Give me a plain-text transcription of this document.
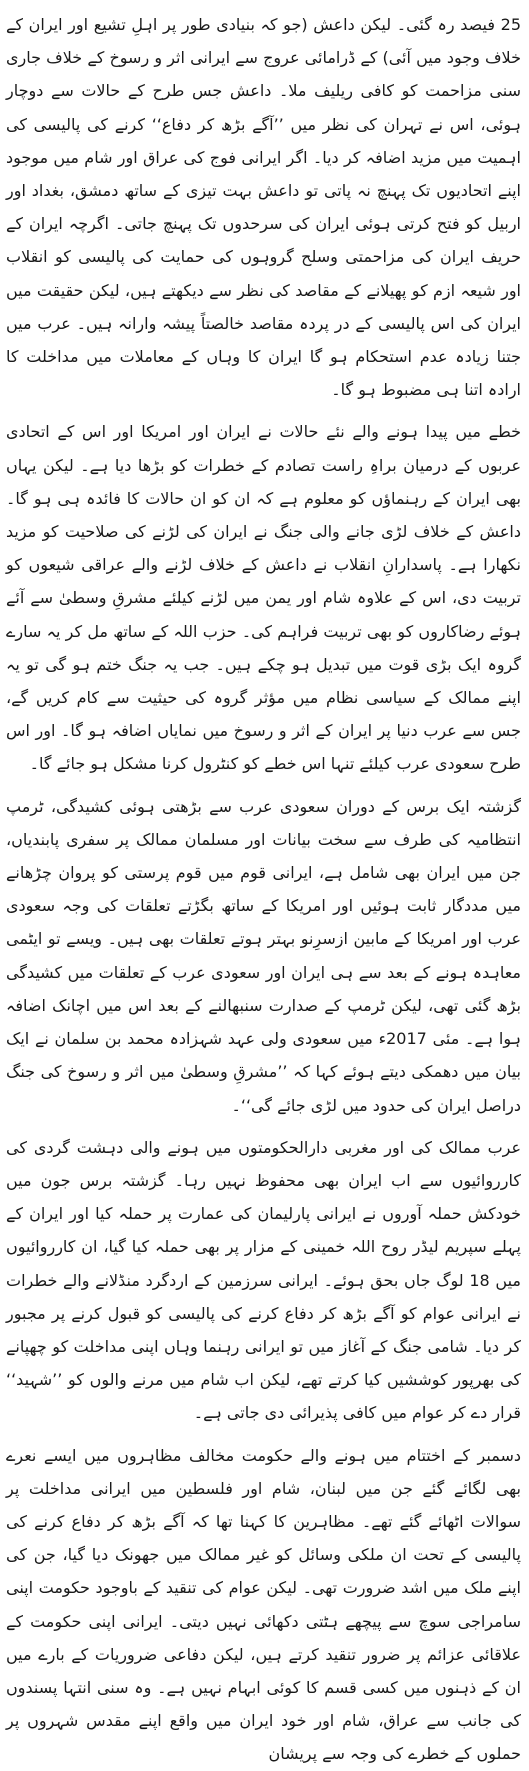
25 فیصد رہ گئی۔ لیکن داعش (جو کہ بنیادی طور پر اہلِ تشیع اور ایران کے خلاف وجود میں آئی) کے ڈرامائی عروج سے ایرانی اثر و رسوخ کے خلاف جاری سنی مزاحمت کو کافی ریلیف ملا۔ داعش جس طرح کے حالات سے دوچار ہوئی، اس نے تہران کی نظر میں ’’آگے بڑھ کر دفاع‘‘ کرنے کی پالیسی کی اہمیت میں مزید اضافہ کر دیا۔ اگر ایرانی فوج کی عراق اور شام میں موجود اپنے اتحادیوں تک پہنچ نہ پاتی تو داعش بہت تیزی کے ساتھ دمشق، بغداد اور اربیل کو فتح کرتی ہوئی ایران کی سرحدوں تک پہنچ جاتی۔ اگرچہ ایران کے حریف ایران کی مزاحمتی وسلح گروہوں کی حمایت کی پالیسی کو انقلاب اور شیعہ ازم کو پھیلانے کے مقاصد کی نظر سے دیکھتے ہیں، لیکن حقیقت میں ایران کی اس پالیسی کے در پردہ مقاصد خالصتاً پیشہ وارانہ ہیں۔ عرب میں جتنا زیادہ عدم استحکام ہو گا ایران کا وہاں کے معاملات میں مداخلت کا ارادہ اتنا ہی مضبوط ہو گا۔

خطے میں پیدا ہونے والے نئے حالات نے ایران اور امریکا اور اس کے اتحادی عربوں کے درمیان براہِ راست تصادم کے خطرات کو بڑھا دیا ہے۔ لیکن یہاں بھی ایران کے رہنماؤں کو معلوم ہے کہ ان کو ان حالات کا فائدہ ہی ہو گا۔ داعش کے خلاف لڑی جانے والی جنگ نے ایران کی لڑنے کی صلاحیت کو مزید نکھارا ہے۔ پاسدارانِ انقلاب نے داعش کے خلاف لڑنے والے عراقی شیعوں کو تربیت دی، اس کے علاوہ شام اور یمن میں لڑنے کیلئے مشرقِ وسطیٰ سے آئے ہوئے رضاکاروں کو بھی تربیت فراہم کی۔ حزب اللہ کے ساتھ مل کر یہ سارے گروہ ایک بڑی قوت میں تبدیل ہو چکے ہیں۔ جب یہ جنگ ختم ہو گی تو یہ اپنے ممالک کے سیاسی نظام میں مؤثر گروہ کی حیثیت سے کام کریں گے، جس سے عرب دنیا پر ایران کے اثر و رسوخ میں نمایاں اضافہ ہو گا۔ اور اس طرح سعودی عرب کیلئے تنہا اس خطے کو کنٹرول کرنا مشکل ہو جائے گا۔

گزشتہ ایک برس کے دوران سعودی عرب سے بڑھتی ہوئی کشیدگی، ٹرمپ انتظامیہ کی طرف سے سخت بیانات اور مسلمان ممالک پر سفری پابندیاں، جن میں ایران بھی شامل ہے، ایرانی قوم میں قوم پرستی کو پروان چڑھانے میں مددگار ثابت ہوئیں اور امریکا کے ساتھ بگڑتے تعلقات کی وجہ سعودی عرب اور امریکا کے مابین ازسرِنو بہتر ہوتے تعلقات بھی ہیں۔ ویسے تو ایٹمی معاہدہ ہونے کے بعد سے ہی ایران اور سعودی عرب کے تعلقات میں کشیدگی بڑھ گئی تھی، لیکن ٹرمپ کے صدارت سنبھالنے کے بعد اس میں اچانک اضافہ ہوا ہے۔ مئی 2017ء میں سعودی ولی عہد شہزادہ محمد بن سلمان نے ایک بیان میں دھمکی دیتے ہوئے کہا کہ ’’مشرقِ وسطیٰ میں اثر و رسوخ کی جنگ دراصل ایران کی حدود میں لڑی جائے گی‘‘۔

عرب ممالک کی اور مغربی دارالحکومتوں میں ہونے والی دہشت گردی کی کارروائیوں سے اب ایران بھی محفوظ نہیں رہا۔ گزشتہ برس جون میں خودکش حملہ آوروں نے ایرانی پارلیمان کی عمارت پر حملہ کیا اور ایران کے پہلے سپریم لیڈر روح اللہ خمینی کے مزار پر بھی حملہ کیا گیا، ان کارروائیوں میں 18 لوگ جاں بحق ہوئے۔ ایرانی سرزمین کے اردگرد منڈلانے والے خطرات نے ایرانی عوام کو آگے بڑھ کر دفاع کرنے کی پالیسی کو قبول کرنے پر مجبور کر دیا۔ شامی جنگ کے آغاز میں تو ایرانی رہنما وہاں اپنی مداخلت کو چھپانے کی بھرپور کوششیں کیا کرتے تھے، لیکن اب شام میں مرنے والوں کو ’’شہید‘‘ قرار دے کر عوام میں کافی پذیرائی دی جاتی ہے۔

دسمبر کے اختتام میں ہونے والے حکومت مخالف مظاہروں میں ایسے نعرے بھی لگائے گئے جن میں لبنان، شام اور فلسطین میں ایرانی مداخلت پر سوالات اٹھائے گئے تھے۔ مظاہرین کا کہنا تھا کہ آگے بڑھ کر دفاع کرنے کی پالیسی کے تحت ان ملکی وسائل کو غیر ممالک میں جھونک دیا گیا، جن کی اپنے ملک میں اشد ضرورت تھی۔ لیکن عوام کی تنقید کے باوجود حکومت اپنی سامراجی سوچ سے پیچھے ہٹتی دکھائی نہیں دیتی۔ ایرانی اپنی حکومت کے علاقائی عزائم پر ضرور تنقید کرتے ہیں، لیکن دفاعی ضروریات کے بارے میں ان کے ذہنوں میں کسی قسم کا کوئی ابہام نہیں ہے۔ وہ سنی انتہا پسندوں کی جانب سے عراق، شام اور خود ایران میں واقع اپنے مقدس شہروں پر حملوں کے خطرے کی وجہ سے پریشان
